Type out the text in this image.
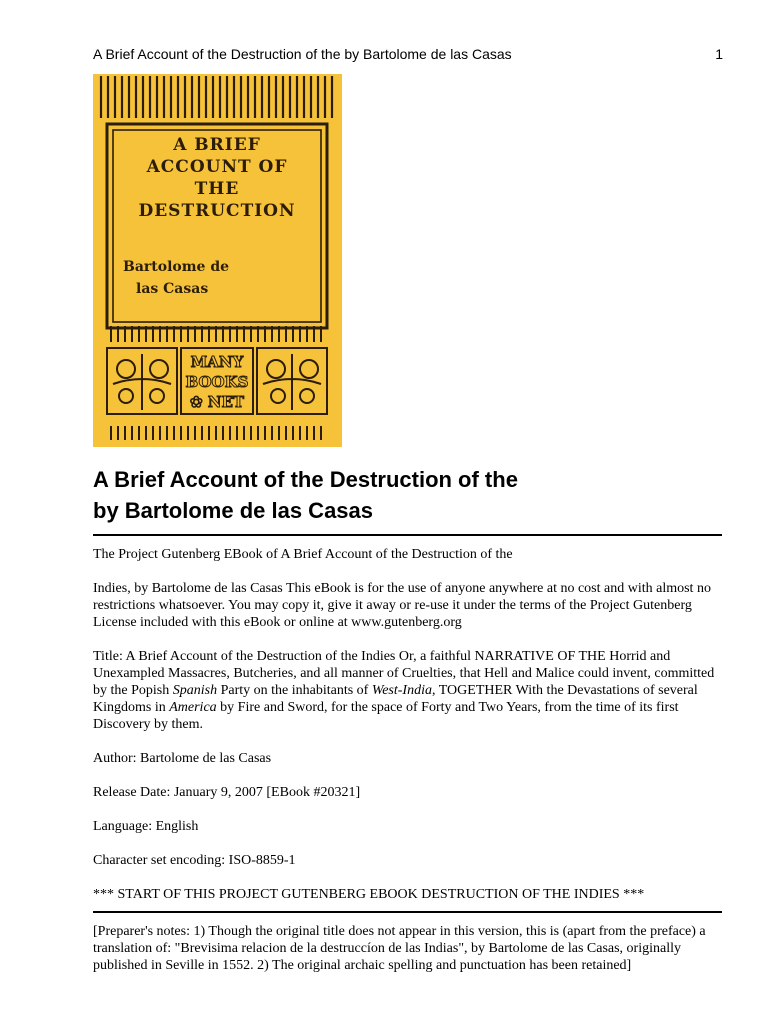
A Brief Account of the Destruction of the by Bartolome de las Casas	1
A BRIEF
ACCOUNT OF
THE
DESTRUCTION
Bartolome de
las Casas
MANY
BOOKS
✿ NET
A Brief Account of the Destruction of the
by Bartolome de las Casas

The Project Gutenberg EBook of A Brief Account of the Destruction of the

Indies, by Bartolome de las Casas This eBook is for the use of anyone anywhere at no cost and with almost no restrictions whatsoever. You may copy it, give it away or re-use it under the terms of the Project Gutenberg License included with this eBook or online at www.gutenberg.org

Title: A Brief Account of the Destruction of the Indies Or, a faithful NARRATIVE OF THE Horrid and Unexampled Massacres, Butcheries, and all manner of Cruelties, that Hell and Malice could invent, committed by the Popish Spanish Party on the inhabitants of West-India, TOGETHER With the Devastations of several Kingdoms in America by Fire and Sword, for the space of Forty and Two Years, from the time of its first Discovery by them.

Author: Bartolome de las Casas

Release Date: January 9, 2007 [EBook #20321]

Language: English

Character set encoding: ISO-8859-1

*** START OF THIS PROJECT GUTENBERG EBOOK DESTRUCTION OF THE INDIES ***

[Preparer's notes: 1) Though the original title does not appear in this version, this is (apart from the preface) a translation of: "Brevisima relacion de la destruccíon de las Indias", by Bartolome de las Casas, originally published in Seville in 1552. 2) The original archaic spelling and punctuation has been retained]
